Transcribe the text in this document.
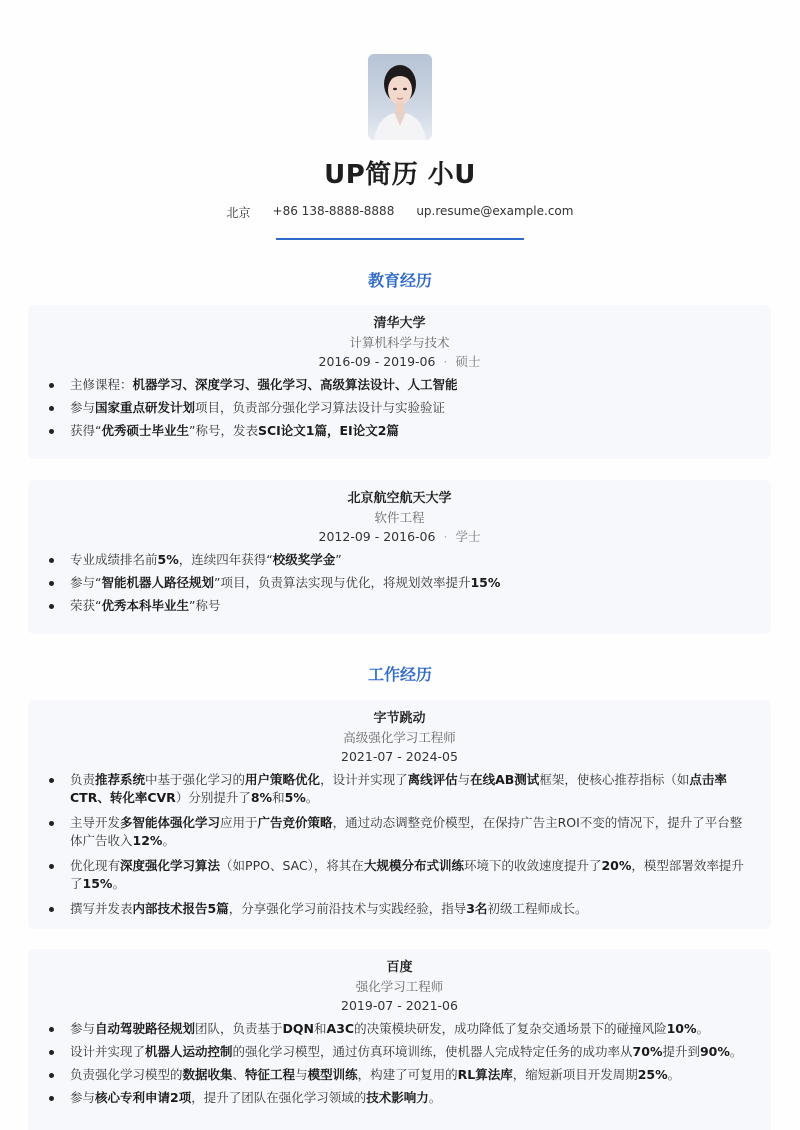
UP简历 小U
北京 +86 138-8888-8888 up.resume@example.com
教育经历
清华大学
计算机科学与技术
2016-09 - 2019-06 · 硕士
主修课程：机器学习、深度学习、强化学习、高级算法设计、人工智能
参与国家重点研发计划项目，负责部分强化学习算法设计与实验验证
获得“优秀硕士毕业生”称号，发表SCI论文1篇，EI论文2篇
北京航空航天大学
软件工程
2012-09 - 2016-06 · 学士
专业成绩排名前5%，连续四年获得“校级奖学金”
参与“智能机器人路径规划”项目，负责算法实现与优化，将规划效率提升15%
荣获“优秀本科毕业生”称号
工作经历
字节跳动
高级强化学习工程师
2021-07 - 2024-05
负责推荐系统中基于强化学习的用户策略优化，设计并实现了离线评估与在线AB测试框架，使核心推荐指标（如点击率CTR、转化率CVR）分别提升了8%和5%。
主导开发多智能体强化学习应用于广告竞价策略，通过动态调整竞价模型，在保持广告主ROI不变的情况下，提升了平台整体广告收入12%。
优化现有深度强化学习算法（如PPO、SAC），将其在大规模分布式训练环境下的收敛速度提升了20%，模型部署效率提升了15%。
撰写并发表内部技术报告5篇，分享强化学习前沿技术与实践经验，指导3名初级工程师成长。
百度
强化学习工程师
2019-07 - 2021-06
参与自动驾驶路径规划团队，负责基于DQN和A3C的决策模块研发，成功降低了复杂交通场景下的碰撞风险10%。
设计并实现了机器人运动控制的强化学习模型，通过仿真环境训练，使机器人完成特定任务的成功率从70%提升到90%。
负责强化学习模型的数据收集、特征工程与模型训练，构建了可复用的RL算法库，缩短新项目开发周期25%。
参与核心专利申请2项，提升了团队在强化学习领域的技术影响力。
